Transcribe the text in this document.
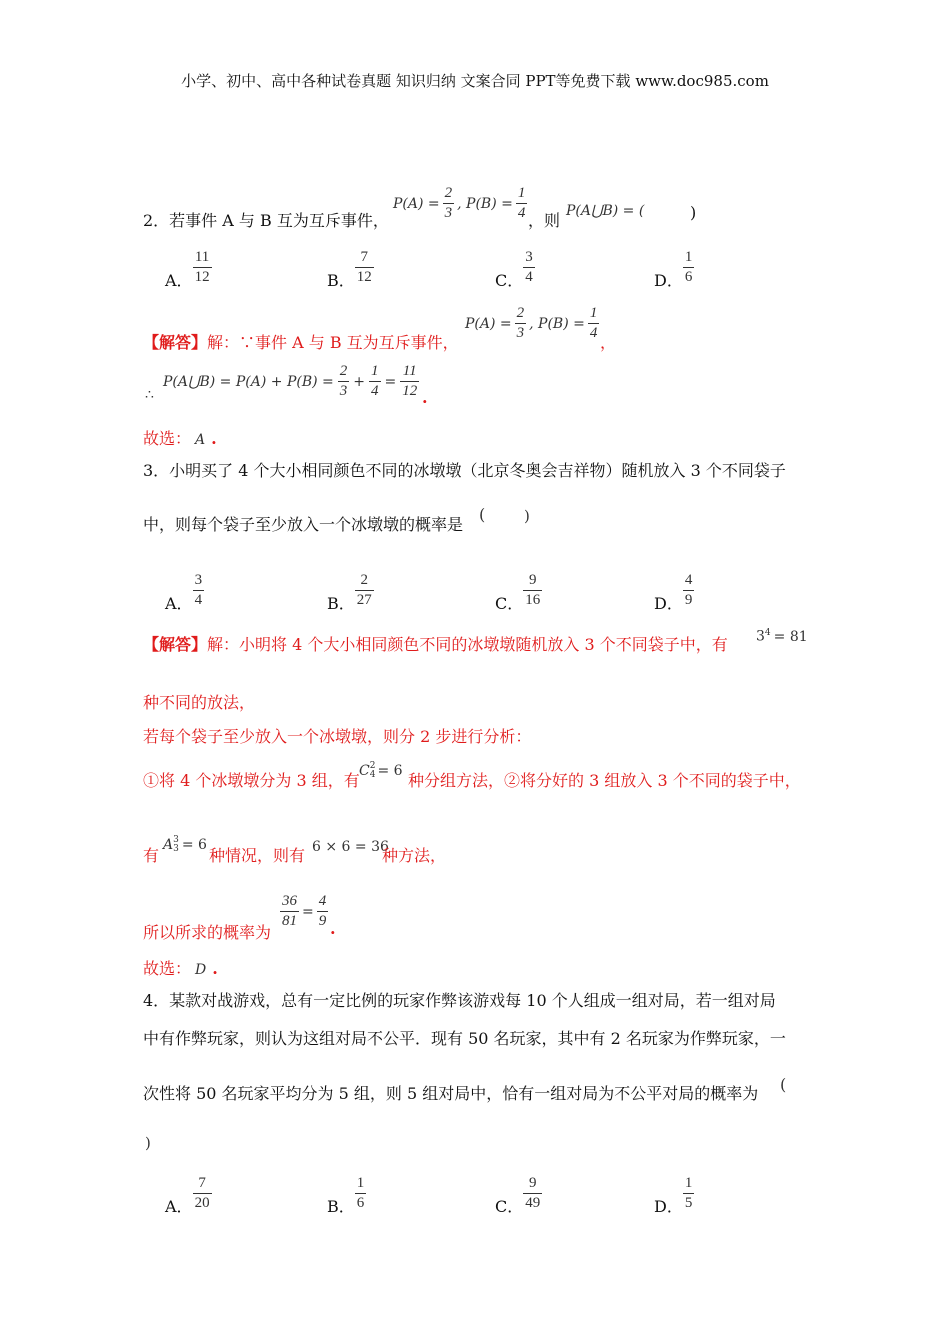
小学、初中、高中各种试卷真题 知识归纳 文案合同 PPT等免费下载 www.doc985.com
2．若事件 A 与 B 互为互斥事件，
$P(A) = \frac{2}{3}$ , $P(B) = \frac{1}{4}$ ，则 P(A⋃B) = (	)
A． $\frac{11}{12}$	B． $\frac{7}{12}$	C． $\frac{3}{4}$	D． $\frac{1}{6}$
【解答】解：∵事件 A 与 B 互为互斥事件，
$P(A) = \frac{2}{3}$ , $P(B) = \frac{1}{4}$
，
∴
P(A⋃B) = $P(A) + P(B) = \frac{2}{3} + \frac{1}{4} = \frac{11}{12}$ .
故选： A .
3．小明买了 4 个大小相同颜色不同的冰墩墩（北京冬奥会吉祥物）随机放入 3 个不同袋子
中，则每个袋子至少放入一个冰墩墩的概率是
(	)
A． $\frac{3}{4}$	B． $\frac{2}{27}$	C． $\frac{9}{16}$	D． $\frac{4}{9}$
【解答】解：小明将 4 个大小相同颜色不同的冰墩墩随机放入 3 个不同袋子中，有 $3^4 = 81$
种不同的放法，
若每个袋子至少放入一个冰墩墩，则分 2 步进行分析：
①将 4 个冰墩墩分为 3 组，有 C 2
4 = 6 种分组方法，②将分好的 3 组放入 3 个不同的袋子中，
有
A 3
3 = 6
种情况，则有 6 × 6 = 36
种方法，
所以所求的概率为
$\frac{36}{81} = \frac{4}{9}$ .
故选： D .
4．某款对战游戏，总有一定比例的玩家作弊该游戏每 10 个人组成一组对局，若一组对局
中有作弊玩家，则认为这组对局不公平．现有 50 名玩家，其中有 2 名玩家为作弊玩家，一
次性将 50 名玩家平均分为 5 组，则 5 组对局中，恰有一组对局为不公平对局的概率为 (
)
A． $\frac{7}{20}$	B． $\frac{1}{6}$	C． $\frac{9}{49}$	D． $\frac{1}{5}$
